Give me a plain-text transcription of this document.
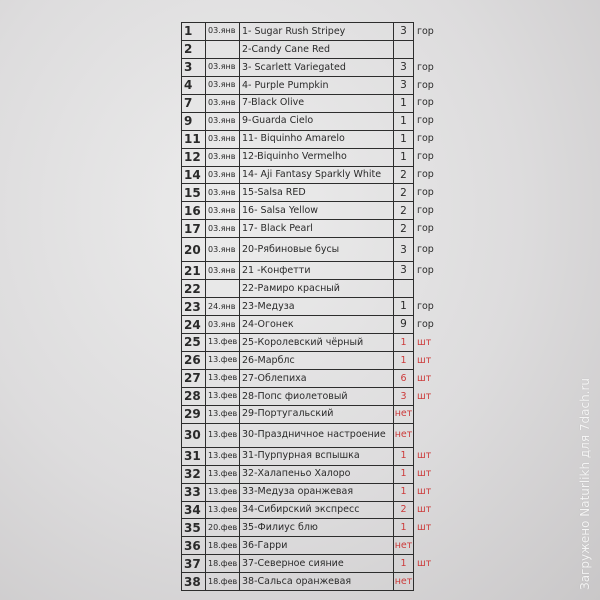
1	03.янв	1- Sugar Rush Stripey	3	гор
2		2-Candy Cane Red		
3	03.янв	3- Scarlett Variegated	3	гор
4	03.янв	4- Purple Pumpkin	3	гор
7	03.янв	7-Black Olive	1	гор
9	03.янв	9-Guarda Cielo	1	гор
11	03.янв	11- Biquinho Amarelo	1	гор
12	03.янв	12-Biquinho Vermelho	1	гор
14	03.янв	14- Aji Fantasy Sparkly White	2	гор
15	03.янв	15-Salsa RED	2	гор
16	03.янв	16- Salsa Yellow	2	гор
17	03.янв	17- Black Pearl	2	гор
20	03.янв	20-Рябиновые бусы	3	гор
21	03.янв	21 -Конфетти	3	гор
22		22-Рамиро красный		
23	24.янв	23-Медуза	1	гор
24	03.янв	24-Огонек	9	гор
25	13.фев	25-Королевский чёрный	1	шт
26	13.фев	26-Марблс	1	шт
27	13.фев	27-Облепиха	6	шт
28	13.фев	28-Попс фиолетовый	3	шт
29	13.фев	29-Португальский	нет	
30	13.фев	30-Праздничное настроение	нет	
31	13.фев	31-Пурпурная вспышка	1	шт
32	13.фев	32-Халапеньо Халоро	1	шт
33	13.фев	33-Медуза оранжевая	1	шт
34	13.фев	34-Сибирский экспресс	2	шт
35	20.фев	35-Филиус блю	1	шт
36	18.фев	36-Гарри	нет	
37	18.фев	37-Северное сияние	1	шт
38	18.фев	38-Сальса оранжевая	нет		Загружено Naturlikh для 7dach.ru
